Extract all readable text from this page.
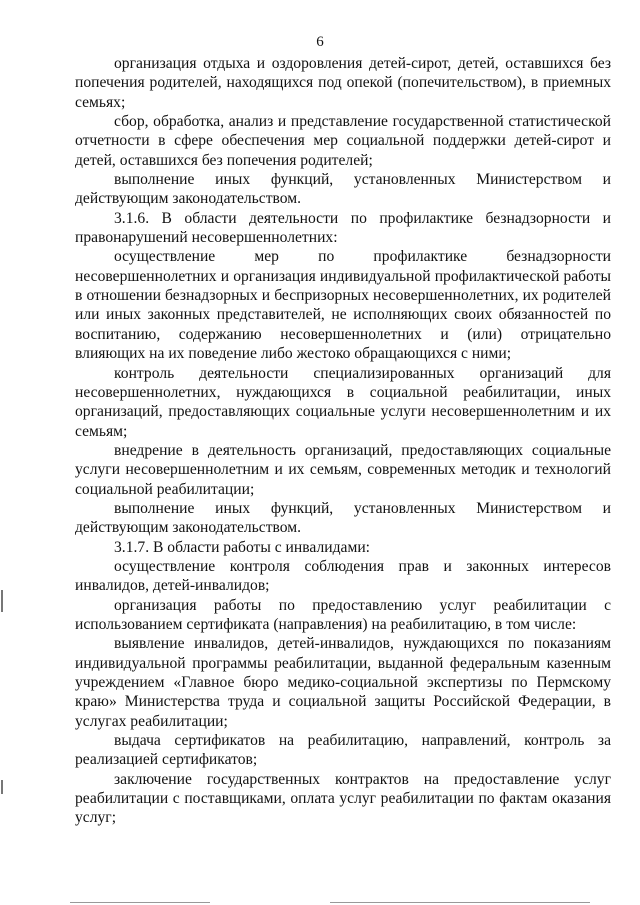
6

организация отдыха и оздоровления детей-сирот, детей, оставшихся без попечения родителей, находящихся под опекой (попечительством), в приемных семьях;

сбор, обработка, анализ и представление государственной статистической отчетности в сфере обеспечения мер социальной поддержки детей-сирот и детей, оставшихся без попечения родителей;

выполнение иных функций, установленных Министерством и действующим законодательством.

3.1.6. В области деятельности по профилактике безнадзорности и правонарушений несовершеннолетних:

осуществление мер по профилактике безнадзорности несовершеннолетних и организация индивидуальной профилактической работы в отношении безнадзорных и беспризорных несовершеннолетних, их родителей или иных законных представителей, не исполняющих своих обязанностей по воспитанию, содержанию несовершеннолетних и (или) отрицательно влияющих на их поведение либо жестоко обращающихся с ними;

контроль деятельности специализированных организаций для несовершеннолетних, нуждающихся в социальной реабилитации, иных организаций, предоставляющих социальные услуги несовершеннолетним и их семьям;

внедрение в деятельность организаций, предоставляющих социальные услуги несовершеннолетним и их семьям, современных методик и технологий социальной реабилитации;

выполнение иных функций, установленных Министерством и действующим законодательством.

3.1.7. В области работы с инвалидами:

осуществление контроля соблюдения прав и законных интересов инвалидов, детей-инвалидов;

организация работы по предоставлению услуг реабилитации с использованием сертификата (направления) на реабилитацию, в том числе:

выявление инвалидов, детей-инвалидов, нуждающихся по показаниям индивидуальной программы реабилитации, выданной федеральным казенным учреждением «Главное бюро медико-социальной экспертизы по Пермскому краю» Министерства труда и социальной защиты Российской Федерации, в услугах реабилитации;

выдача сертификатов на реабилитацию, направлений, контроль за реализацией сертификатов;

заключение государственных контрактов на предоставление услуг реабилитации с поставщиками, оплата услуг реабилитации по фактам оказания услуг;
